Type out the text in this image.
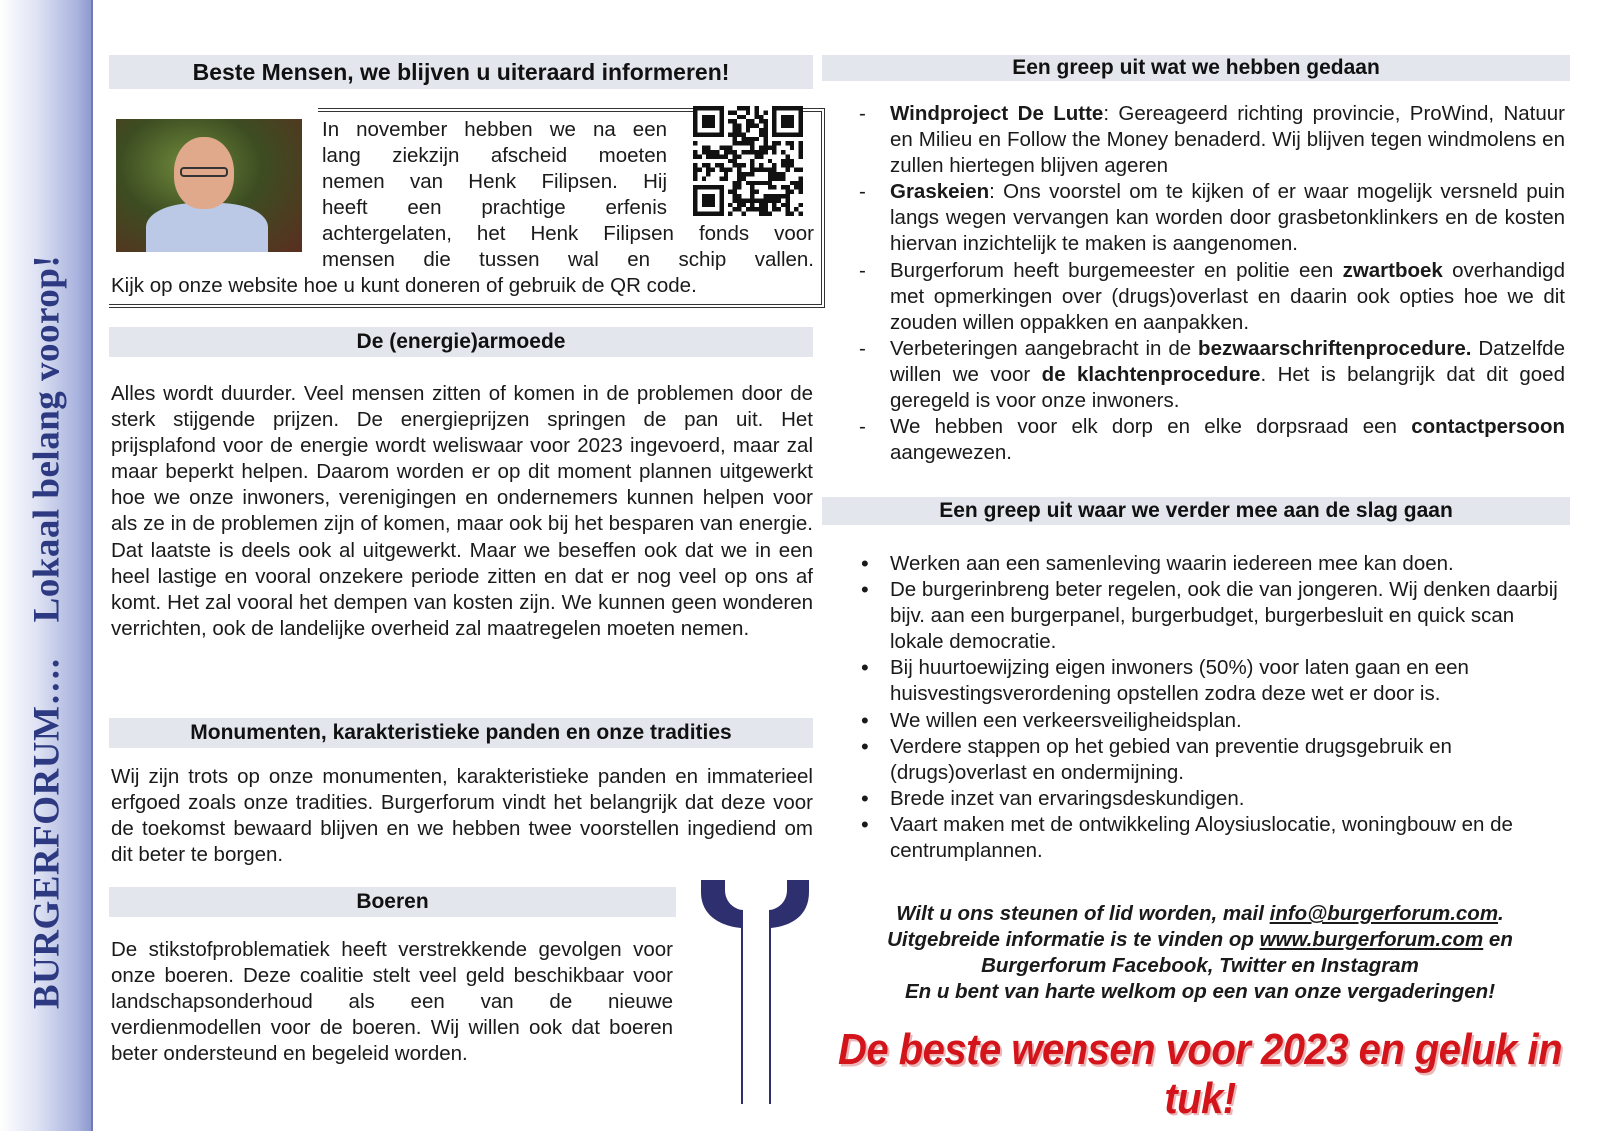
BURGERFORUM….Lokaal belang voorop!
Beste Mensen, we blijven u uiteraard informeren!
In november hebben we na een
lang ziekzijn afscheid moeten
nemen van Henk Filipsen. Hij
heeft een prachtige erfenis
achtergelaten, het Henk Filipsen fonds voor
mensen die tussen wal en schip vallen.
Kijk op onze website hoe u kunt doneren of gebruik de QR code.
De (energie)armoede
Alles wordt duurder. Veel mensen zitten of komen in de problemen door de sterk stijgende prijzen. De energieprijzen springen de pan uit. Het prijsplafond voor de energie wordt weliswaar voor 2023 ingevoerd, maar zal maar beperkt helpen. Daarom worden er op dit moment plannen uitgewerkt hoe we onze inwoners, verenigingen en ondernemers kunnen helpen voor als ze in de problemen zijn of komen, maar ook bij het besparen van energie. Dat laatste is deels ook al uitgewerkt. Maar we beseffen ook dat we in een heel lastige en vooral onzekere periode zitten en dat er nog veel op ons af komt. Het zal vooral het dempen van kosten zijn. We kunnen geen wonderen verrichten, ook de landelijke overheid zal maatregelen moeten nemen.
Monumenten, karakteristieke panden en onze tradities
Wij zijn trots op onze monumenten, karakteristieke panden en immaterieel erfgoed zoals onze tradities. Burgerforum vindt het belangrijk dat deze voor de toekomst bewaard blijven en we hebben twee voorstellen ingediend om dit beter te borgen.
Boeren
De stikstofproblematiek heeft verstrekkende gevolgen voor onze boeren. Deze coalitie stelt veel geld beschikbaar voor landschapsonderhoud als een van de nieuwe verdienmodellen voor de boeren. Wij willen ook dat boeren beter ondersteund en begeleid worden.	BURGERFORUM
Een greep uit wat we hebben gedaan
- Windproject De Lutte: Gereageerd richting provincie, ProWind, Natuur en Milieu en Follow the Money benaderd. Wij blijven tegen windmolens en zullen hiertegen blijven ageren
- Graskeien: Ons voorstel om te kijken of er waar mogelijk versneld puin langs wegen vervangen kan worden door grasbetonklinkers en de kosten hiervan inzichtelijk te maken is aangenomen.
- Burgerforum heeft burgemeester en politie een zwartboek overhandigd met opmerkingen over (drugs)overlast en daarin ook opties hoe we dit zouden willen oppakken en aanpakken.
- Verbeteringen aangebracht in de bezwaarschriftenprocedure. Datzelfde willen we voor de klachtenprocedure. Het is belangrijk dat dit goed geregeld is voor onze inwoners.
- We hebben voor elk dorp en elke dorpsraad een contactpersoon aangewezen.
Een greep uit waar we verder mee aan de slag gaan
• Werken aan een samenleving waarin iedereen mee kan doen.
• De burgerinbreng beter regelen, ook die van jongeren. Wij denken daarbij bijv. aan een burgerpanel, burgerbudget, burgerbesluit en quick scan lokale democratie.
• Bij huurtoewijzing eigen inwoners (50%) voor laten gaan en een huisvestingsverordening opstellen zodra deze wet er door is.
• We willen een verkeersveiligheidsplan.
• Verdere stappen op het gebied van preventie drugsgebruik en (drugs)overlast en ondermijning.
• Brede inzet van ervaringsdeskundigen.
• Vaart maken met de ontwikkeling Aloysiuslocatie, woningbouw en de centrumplannen.
Wilt u ons steunen of lid worden, mail info@burgerforum.com.
Uitgebreide informatie is te vinden op www.burgerforum.com en
Burgerforum Facebook, Twitter en Instagram
En u bent van harte welkom op een van onze vergaderingen!
De beste wensen voor 2023 en geluk in tuk!
